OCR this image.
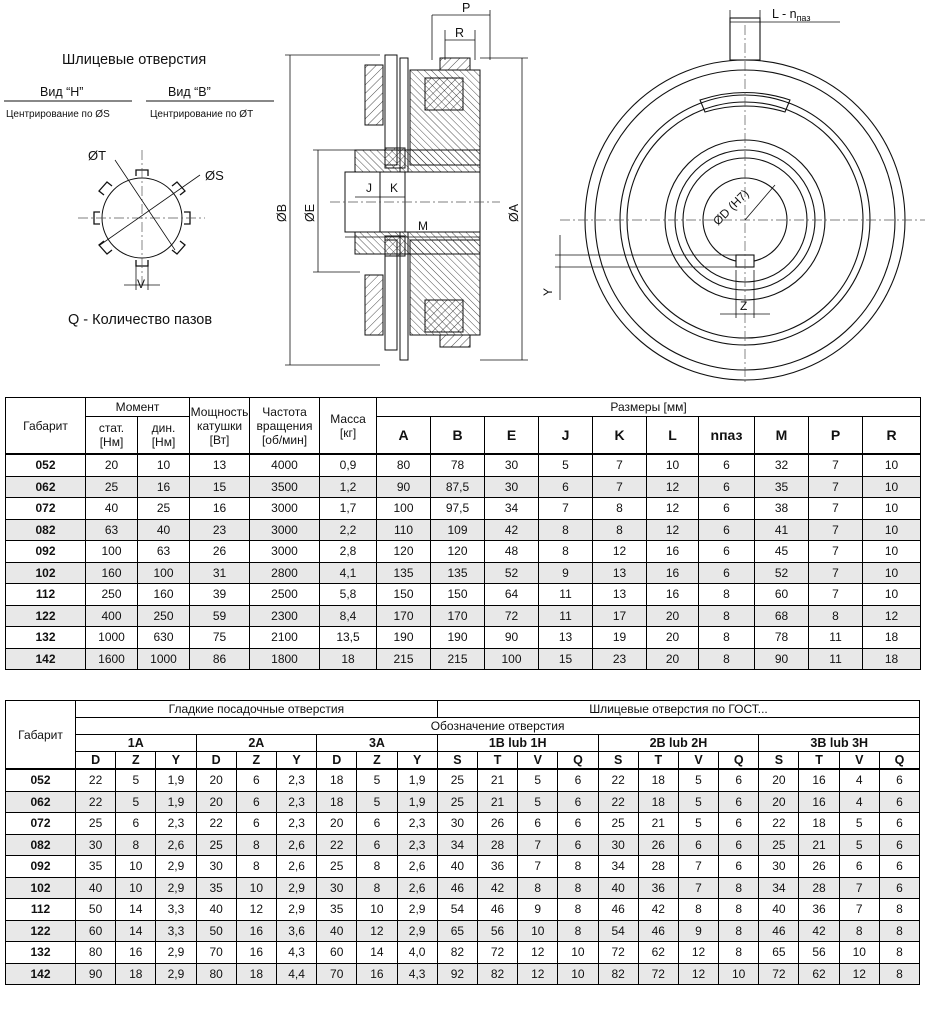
Шлицевые отверстия
Вид “H”
Центрирование по ØS
Вид “B”
Центрирование по ØT
ØT
ØS
V
Q - Количество пазов
P
R
J K
M
ØB ØE	ØA	ØD (H7)
L - $n_{паз}$
Y
Z
Габарит	Момент		Мощность
катушки
[Вт]	Частота
вращения
[об/мин]	Масса
[кг]	Размеры [мм]									
	стат.
[Нм]	дин.
[Нм]				A	B	E	J	K	L	nпаз	M	P	R
052	20	10	13	4000	0,9	80	78	30	5	7	10	6	32	7	10
062	25	16	15	3500	1,2	90	87,5	30	6	7	12	6	35	7	10
072	40	25	16	3000	1,7	100	97,5	34	7	8	12	6	38	7	10
082	63	40	23	3000	2,2	110	109	42	8	8	12	6	41	7	10
092	100	63	26	3000	2,8	120	120	48	8	12	16	6	45	7	10
102	160	100	31	2800	4,1	135	135	52	9	13	16	6	52	7	10
112	250	160	39	2500	5,8	150	150	64	11	13	16	8	60	7	10
122	400	250	59	2300	8,4	170	170	72	11	17	20	8	68	8	12
132	1000	630	75	2100	13,5	190	190	90	13	19	20	8	78	11	18
142	1600	1000	86	1800	18	215	215	100	15	23	20	8	90	11	18
Габарит	Гладкие посадочные отверстия									Шлицевые отверстия по ГОСТ...											
	Обозначение отверстия																				
	1A			2A			3A			1B lub 1H				2B lub 2H				3B lub 3H			
	D	Z	Y	D	Z	Y	D	Z	Y	S	T	V	Q	S	T	V	Q	S	T	V	Q
052	22	5	1,9	20	6	2,3	18	5	1,9	25	21	5	6	22	18	5	6	20	16	4	6
062	22	5	1,9	20	6	2,3	18	5	1,9	25	21	5	6	22	18	5	6	20	16	4	6
072	25	6	2,3	22	6	2,3	20	6	2,3	30	26	6	6	25	21	5	6	22	18	5	6
082	30	8	2,6	25	8	2,6	22	6	2,3	34	28	7	6	30	26	6	6	25	21	5	6
092	35	10	2,9	30	8	2,6	25	8	2,6	40	36	7	8	34	28	7	6	30	26	6	6
102	40	10	2,9	35	10	2,9	30	8	2,6	46	42	8	8	40	36	7	8	34	28	7	6
112	50	14	3,3	40	12	2,9	35	10	2,9	54	46	9	8	46	42	8	8	40	36	7	8
122	60	14	3,3	50	16	3,6	40	12	2,9	65	56	10	8	54	46	9	8	46	42	8	8
132	80	16	2,9	70	16	4,3	60	14	4,0	82	72	12	10	72	62	12	8	65	56	10	8
142	90	18	2,9	80	18	4,4	70	16	4,3	92	82	12	10	82	72	12	10	72	62	12	8
